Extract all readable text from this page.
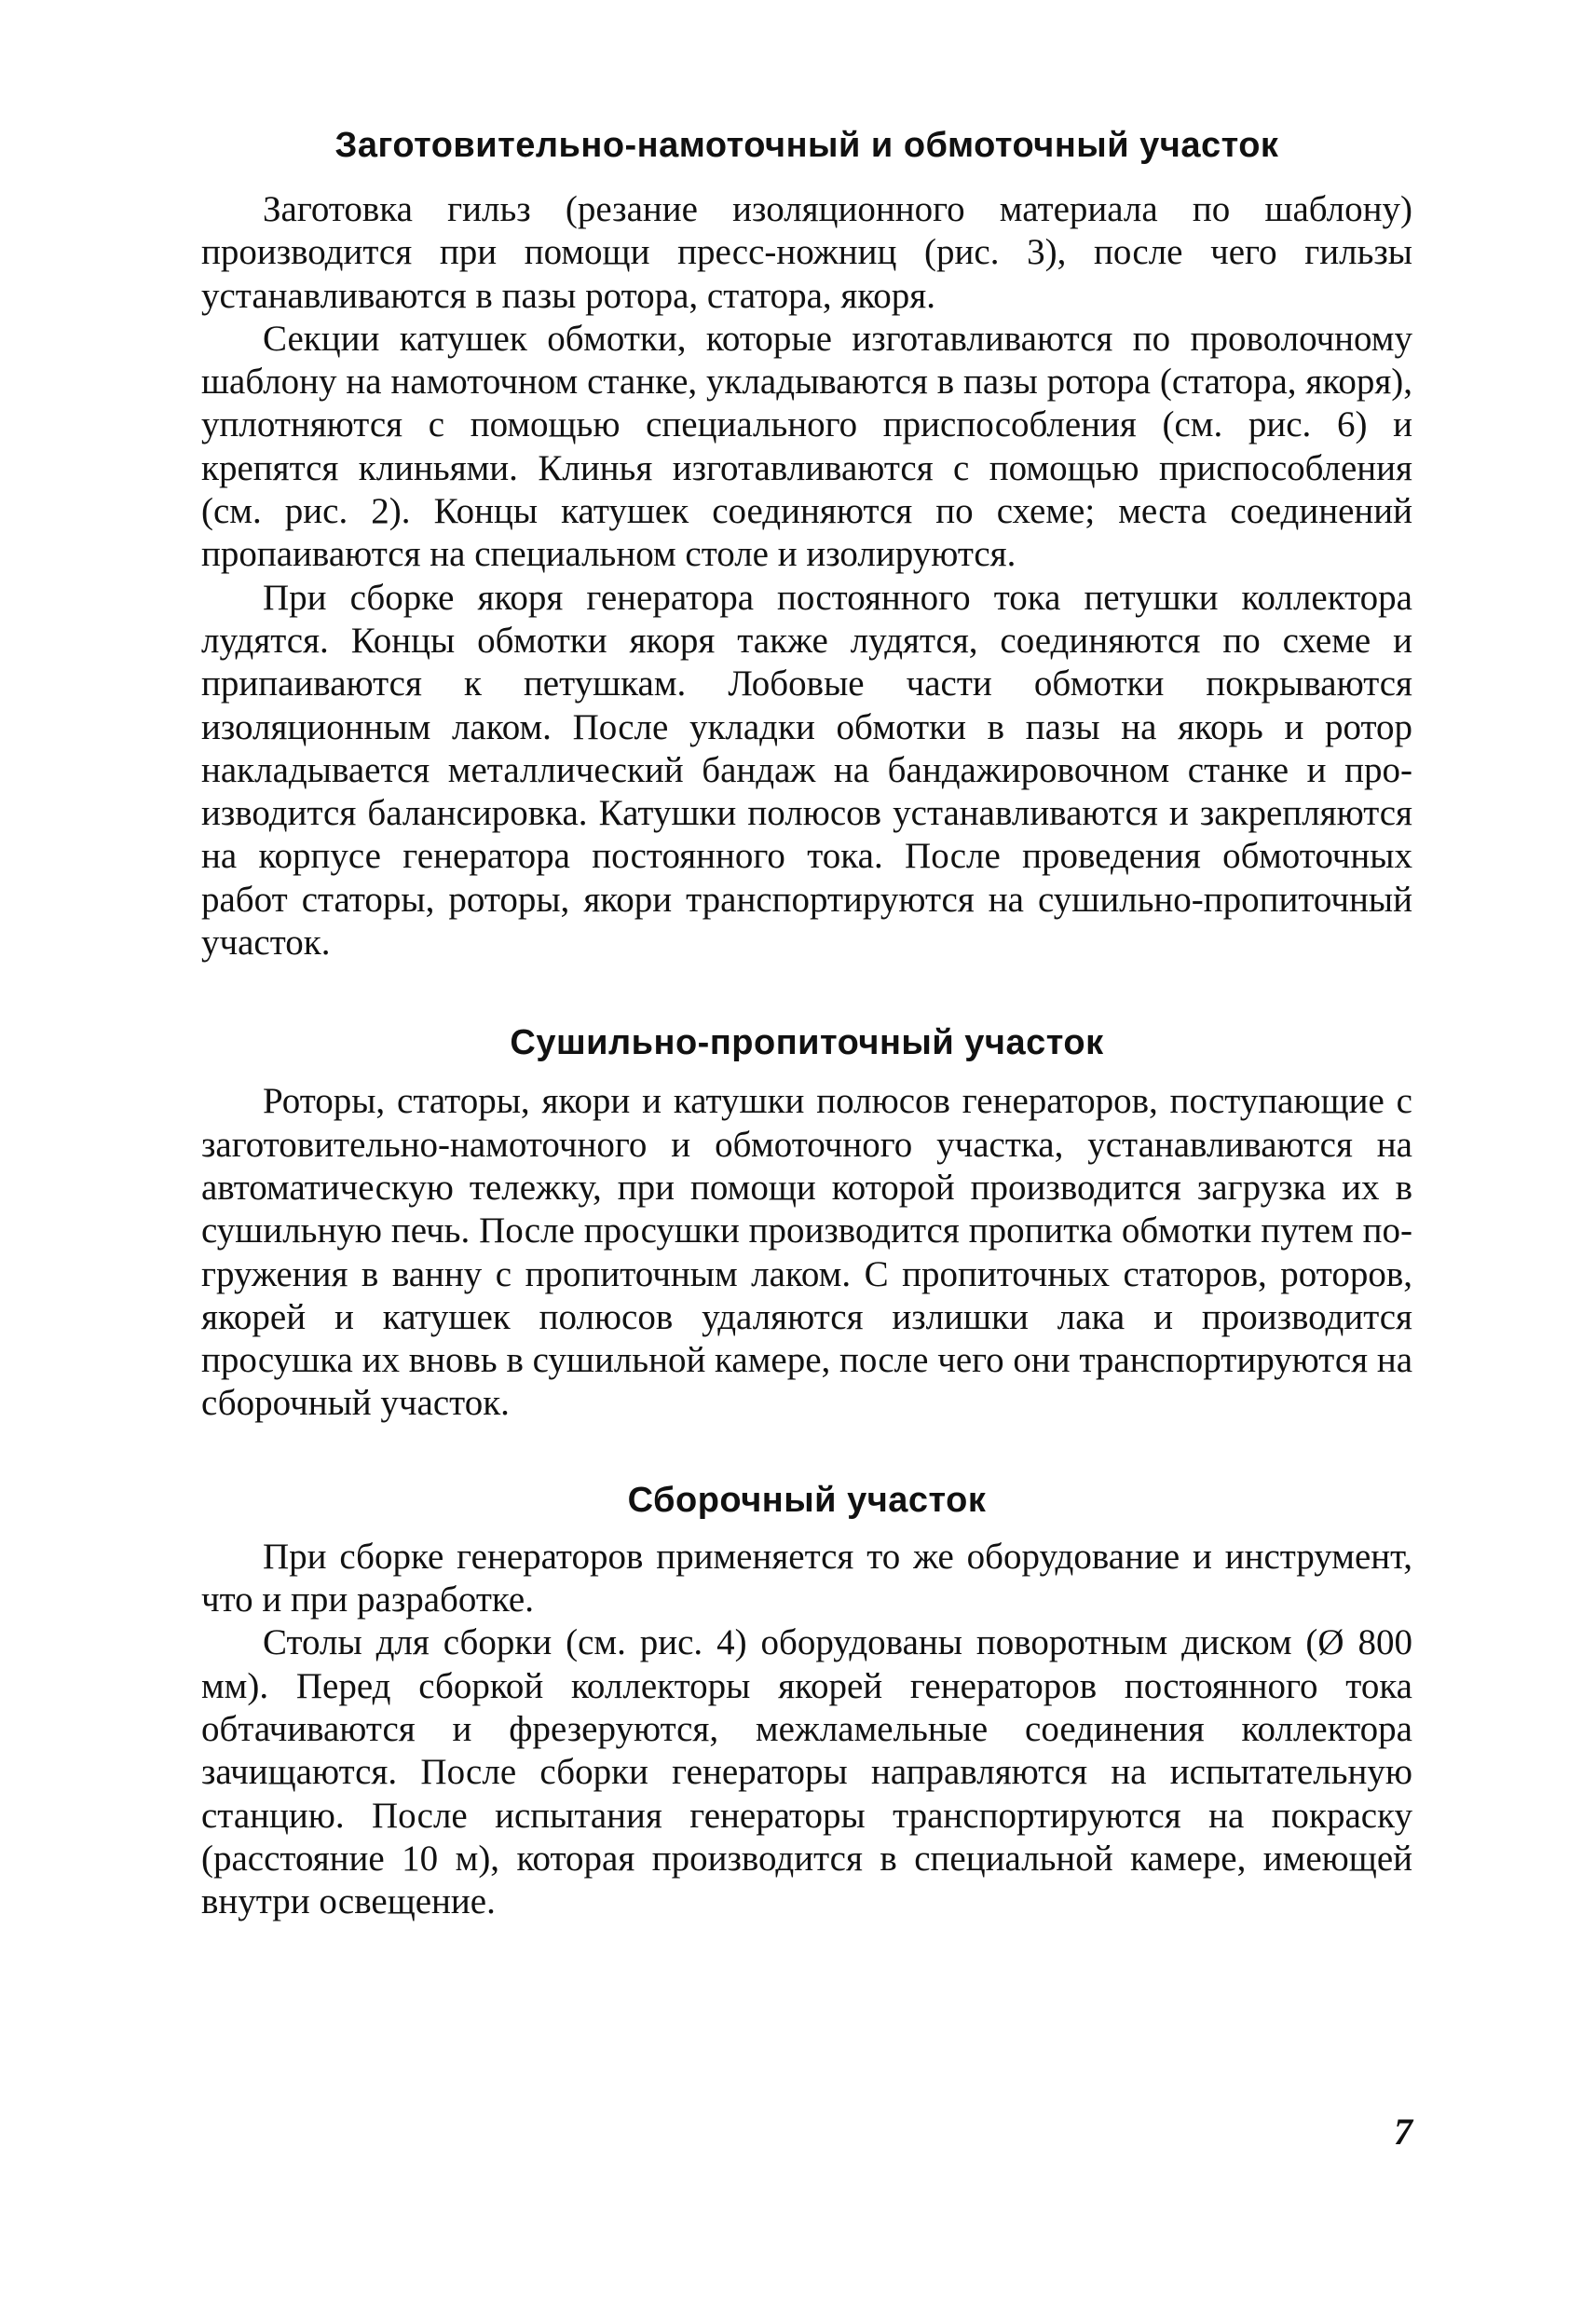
Заготовительно-намоточный и обмоточный участок

Заготовка гильз (резание изоляционного материала по шаблону) производится при помощи пресс-ножниц (рис. 3), после чего гильзы устанавливаются в пазы ротора, статора, якоря.

Секции катушек обмотки, которые изготавливаются по проволочному шаблону на намоточном станке, укладываются в пазы ротора (статора, якоря), уплотняются с помощью специального приспособления (см. рис. 6) и крепятся клиньями. Клинья изготавливаются с помощью приспособления (см. рис. 2). Концы катушек соединяются по схеме; места соединений пропаиваются на специальном столе и изолируются.

При сборке якоря генератора постоянного тока петушки коллектора лудятся. Концы обмотки якоря также лудятся, соединяются по схеме и припаиваются к петушкам. Лобовые части обмотки покрываются изоляционным лаком. После укладки обмотки в пазы на якорь и ротор накладывается металлический бандаж на бандажировочном станке и производится балансировка. Катушки полюсов устанавливаются и закрепляются на корпусе генератора постоянного тока. После проведения обмоточных работ статоры, роторы, якори транспортируются на сушильно-пропиточный участок.

Сушильно-пропиточный участок

Роторы, статоры, якори и катушки полюсов генераторов, поступающие с заготовительно-намоточного и обмоточного участка, устанавливаются на автоматическую тележку, при помощи которой производится загрузка их в сушильную печь. После просушки производится пропитка обмотки путем погружения в ванну с пропиточным лаком. С пропиточных статоров, роторов, якорей и катушек полюсов удаляются излишки лака и производится просушка их вновь в сушильной камере, после чего они транспортируются на сборочный участок.

Сборочный участок

При сборке генераторов применяется то же оборудование и инструмент, что и при разработке.

Столы для сборки (см. рис. 4) оборудованы поворотным диском (Ø 800 мм). Перед сборкой коллекторы якорей генераторов постоянного тока обтачиваются и фрезеруются, межламельные соединения коллектора зачищаются. После сборки генераторы направляются на испытательную станцию. После испытания генераторы транспортируются на покраску (расстояние 10 м), которая производится в специальной камере, имеющей внутри освещение.

7
